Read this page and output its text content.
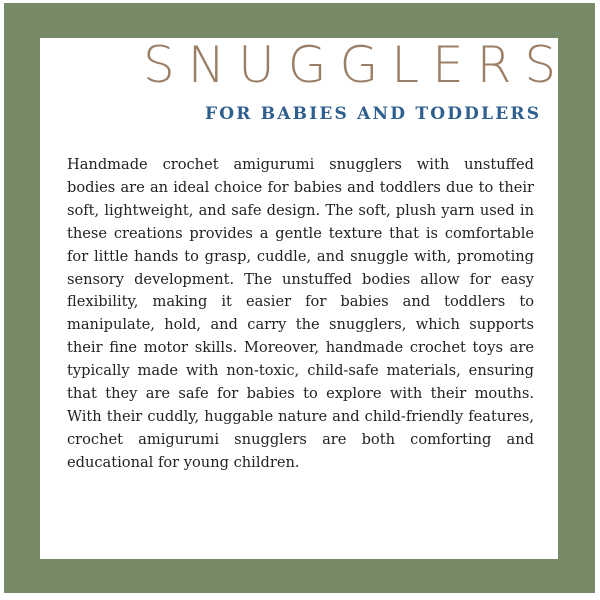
SNUGGLERS
FOR BABIES AND TODDLERS

Handmade crochet amigurumi snugglers with unstuffed bodies are an ideal choice for babies and toddlers due to their soft, lightweight, and safe design. The soft, plush yarn used in these creations provides a gentle texture that is comfortable for little hands to grasp, cuddle, and snuggle with, promoting sensory development. The unstuffed bodies allow for easy flexibility, making it easier for babies and toddlers to manipulate, hold, and carry the snugglers, which supports their fine motor skills. Moreover, handmade crochet toys are typically made with non-toxic, child-safe materials, ensuring that they are safe for babies to explore with their mouths. With their cuddly, huggable nature and child-friendly features, crochet amigurumi snugglers are both comforting and educational for young children.
